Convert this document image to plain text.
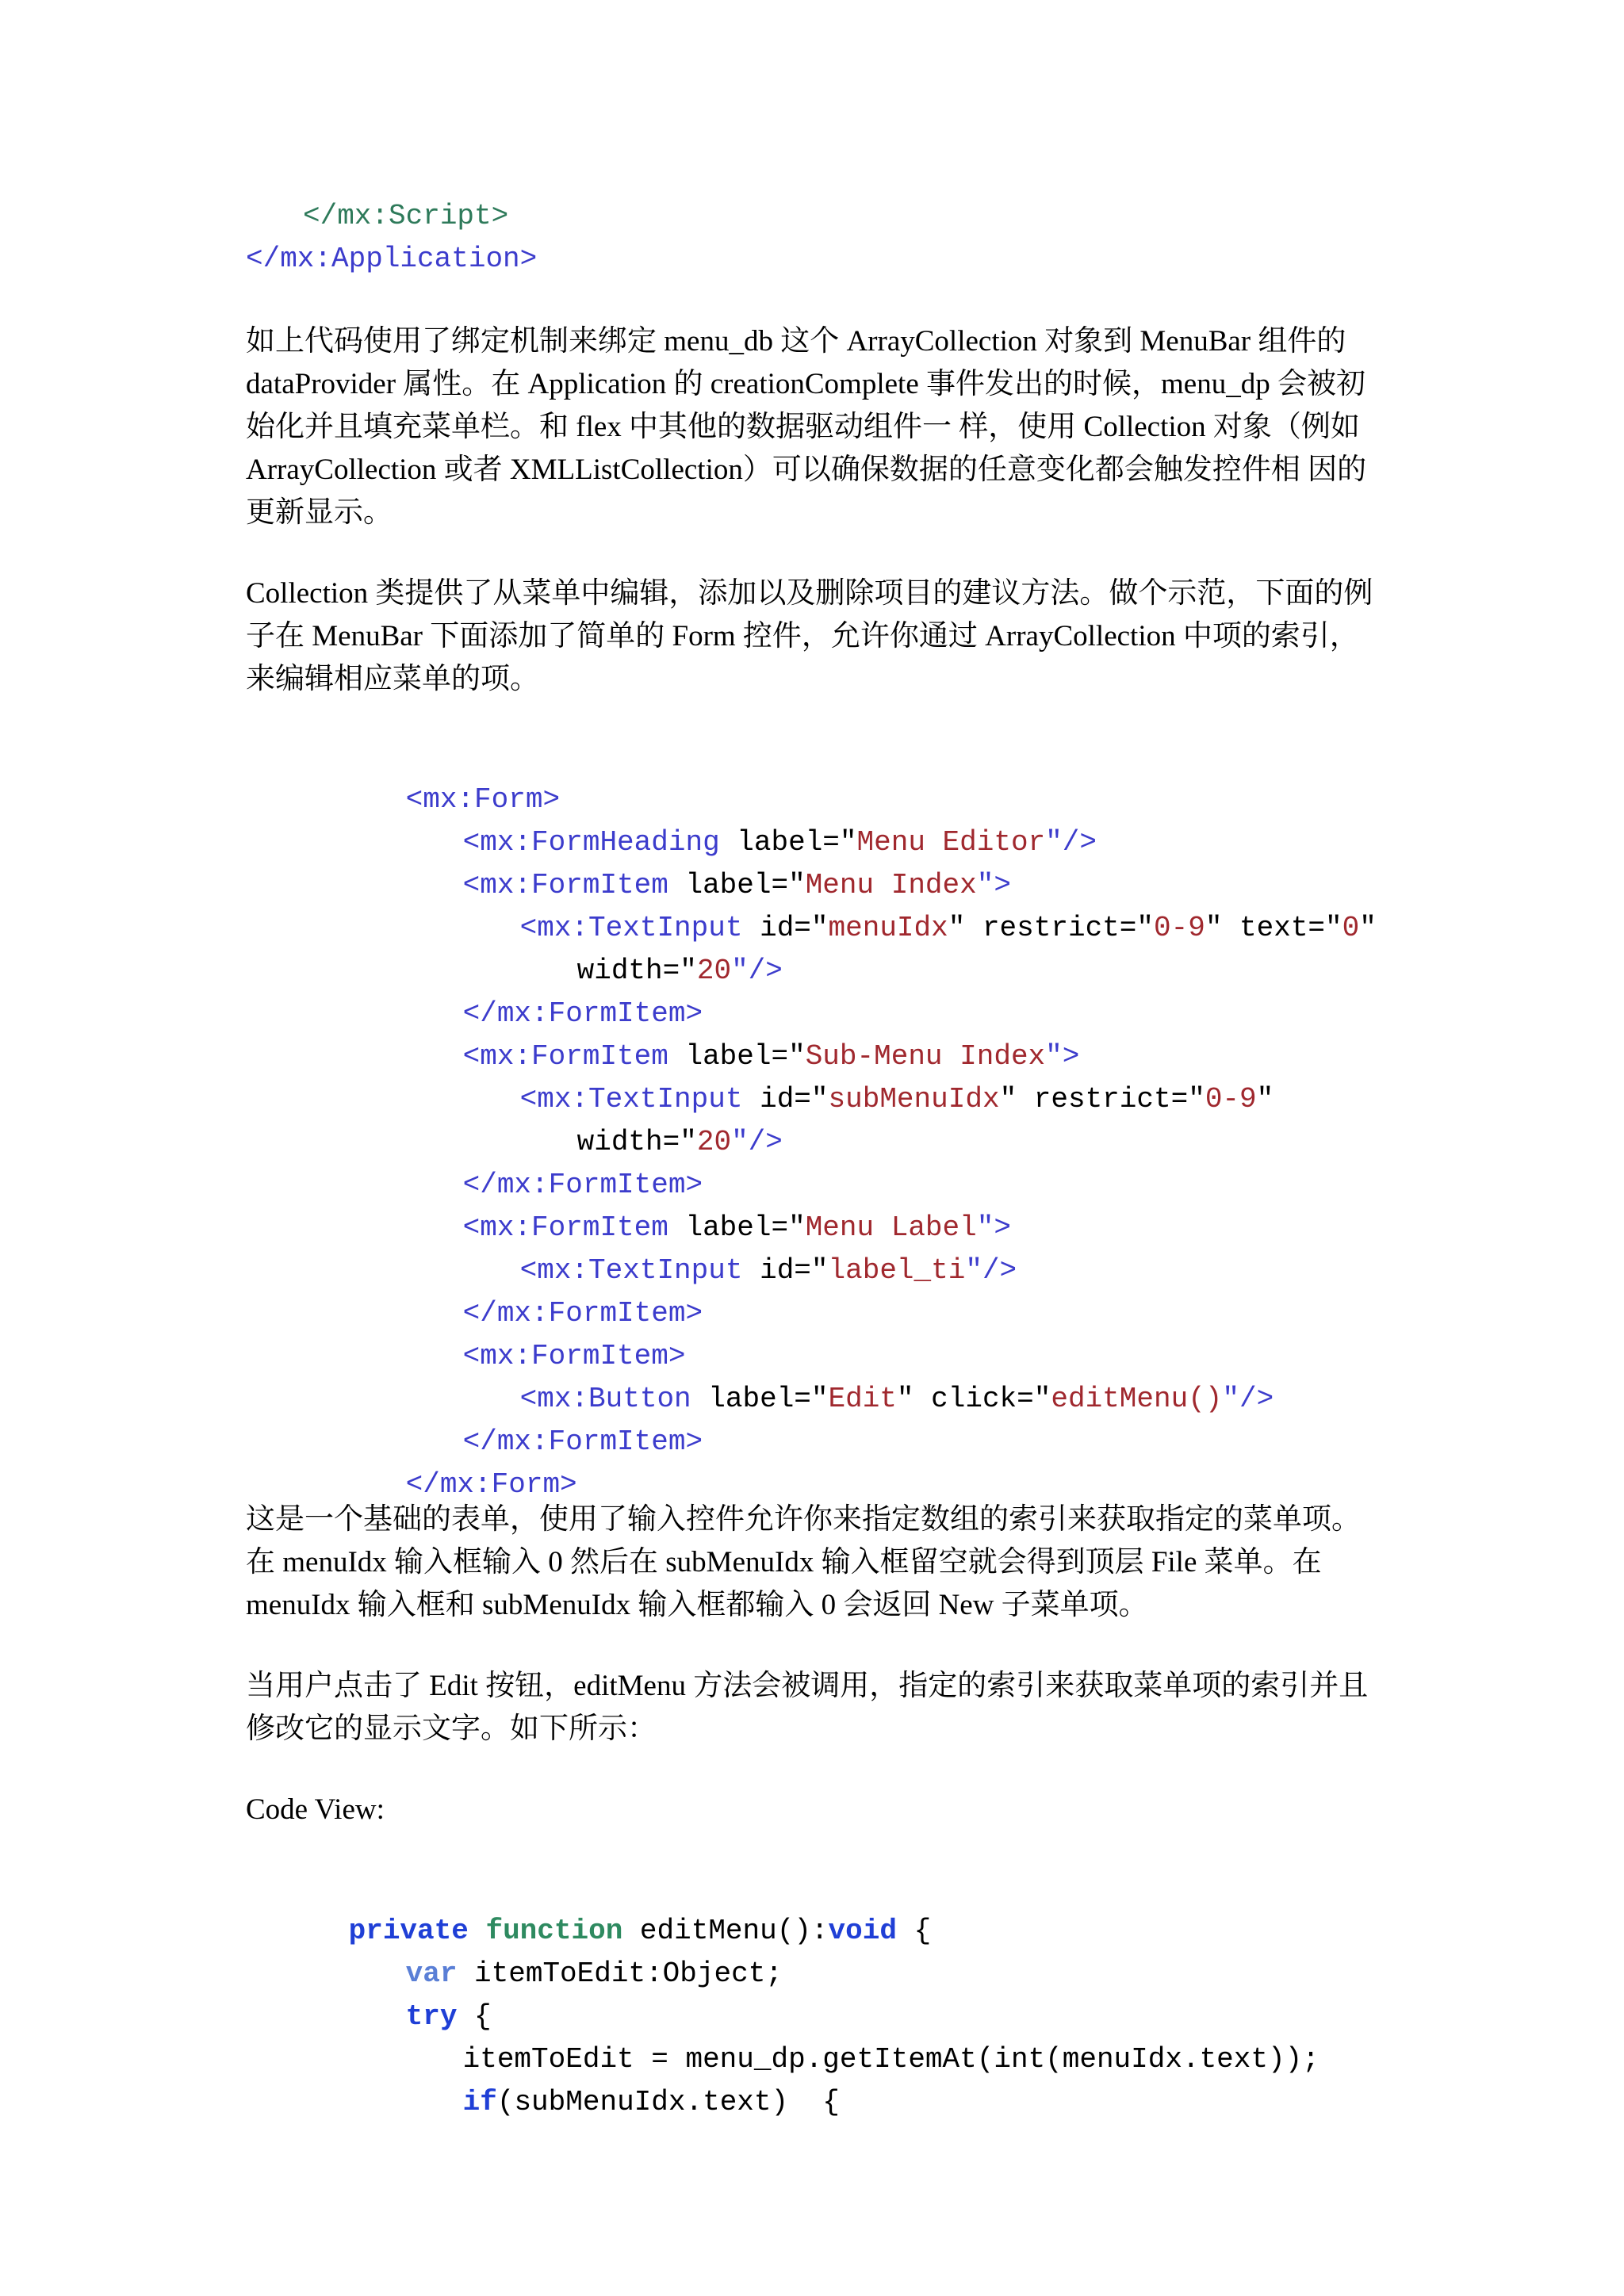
</mx:Script>

</mx:Application>

如上代码使用了绑定机制来绑定 menu_db 这个 ArrayCollection 对象到 MenuBar 组件的 dataProvider 属性。在 Application 的 creationComplete 事件发出的时候，menu_dp 会被初始化并且填充菜单栏。和 flex 中其他的数据驱动组件一 样，使用 Collection 对象（例如 ArrayCollection 或者 XMLListCollection）可以确保数据的任意变化都会触发控件相 因的更新显示。

Collection 类提供了从菜单中编辑，添加以及删除项目的建议方法。做个示范，下面的例子在 MenuBar 下面添加了简单的 Form 控件，允许你通过 ArrayCollection 中项的索引，来编辑相应菜单的项。

<mx:Form>

<mx:FormHeading label="Menu Editor"/>

<mx:FormItem label="Menu Index">

<mx:TextInput id="menuIdx" restrict="0-9" text="0"

width="20"/>

</mx:FormItem>

<mx:FormItem label="Sub-Menu Index">

<mx:TextInput id="subMenuIdx" restrict="0-9"

width="20"/>

</mx:FormItem>

<mx:FormItem label="Menu Label">

<mx:TextInput id="label_ti"/>

</mx:FormItem>

<mx:FormItem>

<mx:Button label="Edit" click="editMenu()"/>

</mx:FormItem>

</mx:Form>

这是一个基础的表单，使用了输入控件允许你来指定数组的索引来获取指定的菜单项。在 menuIdx 输入框输入 0 然后在 subMenuIdx 输入框留空就会得到顶层 File 菜单。在 menuIdx 输入框和 subMenuIdx 输入框都输入 0 会返回 New 子菜单项。

当用户点击了 Edit 按钮，editMenu 方法会被调用，指定的索引来获取菜单项的索引并且修改它的显示文字。如下所示：

Code View:

private function editMenu():void {

var itemToEdit:Object;

try {

itemToEdit = menu_dp.getItemAt(int(menuIdx.text));

if(subMenuIdx.text)  {
